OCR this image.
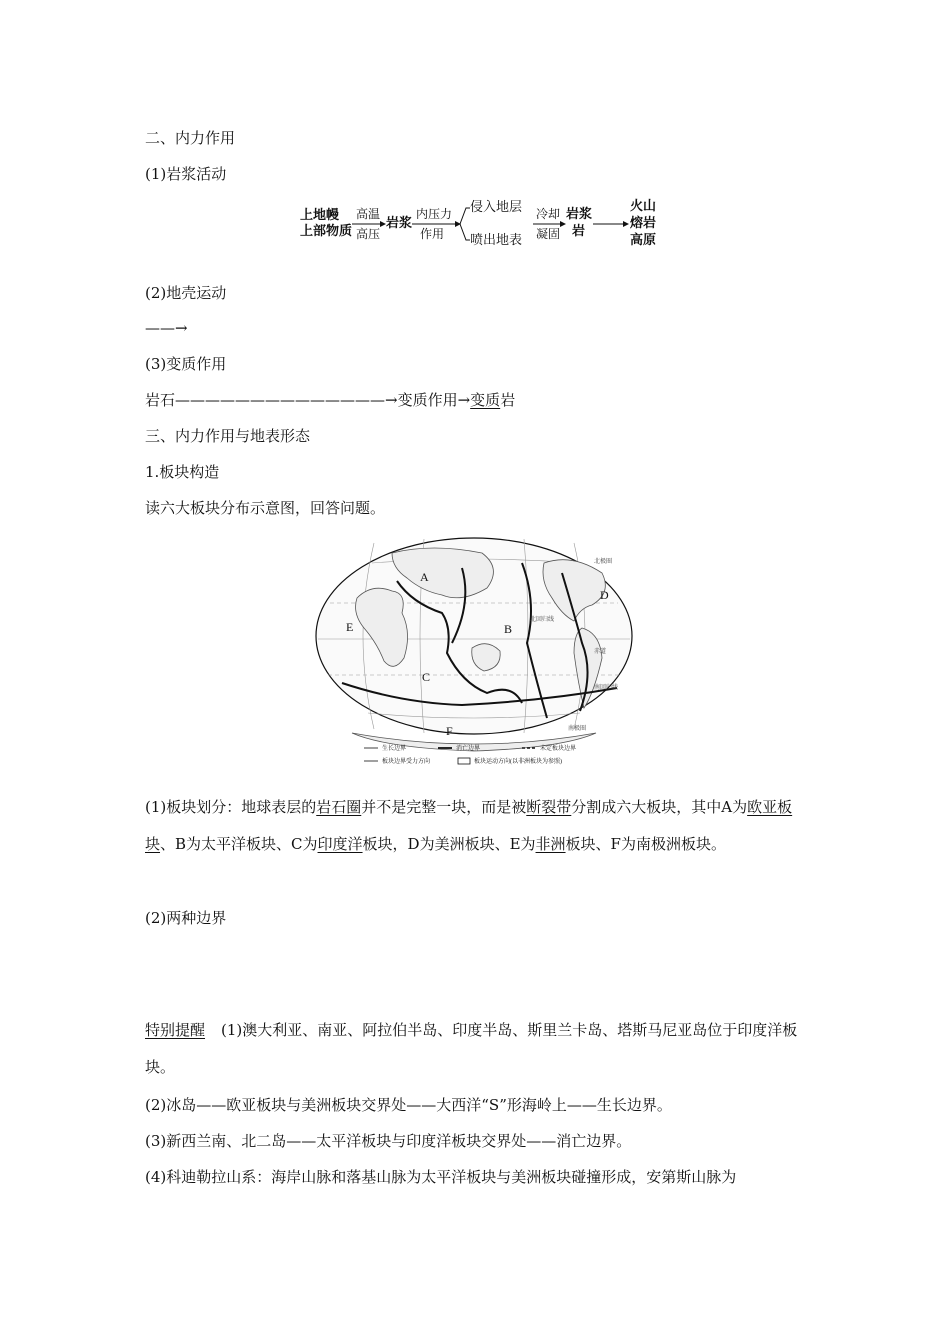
二、内力作用
(1)岩浆活动
上地幔
上部物质
高温
高压
岩浆
内压力
作用
侵入地层
喷出地表
冷却
凝固
岩浆
岩
火山
熔岩
高原
(2)地壳运动
——→
(3)变质作用
岩石——————————————→变质作用→变质岩
三、内力作用与地表形态
1.板块构造
读六大板块分布示意图，回答问题。
A
B
C
D
E
F
北极圈
北回归线
赤道
南回归线
南极圈
生长边界	消亡边界	未定板块边界
板块边界受力方向	板块运动方向(以非洲板块为参照)
(1)板块划分：地球表层的岩石圈并不是完整一块，而是被断裂带分割成六大板块，其中A为欧亚板块、B为太平洋板块、C为印度洋板块，D为美洲板块、E为非洲板块、F为南极洲板块。
(2)两种边界
特别提醒 (1)澳大利亚、南亚、阿拉伯半岛、印度半岛、斯里兰卡岛、塔斯马尼亚岛位于印度洋板块。
(2)冰岛——欧亚板块与美洲板块交界处——大西洋“S”形海岭上——生长边界。
(3)新西兰南、北二岛——太平洋板块与印度洋板块交界处——消亡边界。
(4)科迪勒拉山系：海岸山脉和落基山脉为太平洋板块与美洲板块碰撞形成，安第斯山脉为
